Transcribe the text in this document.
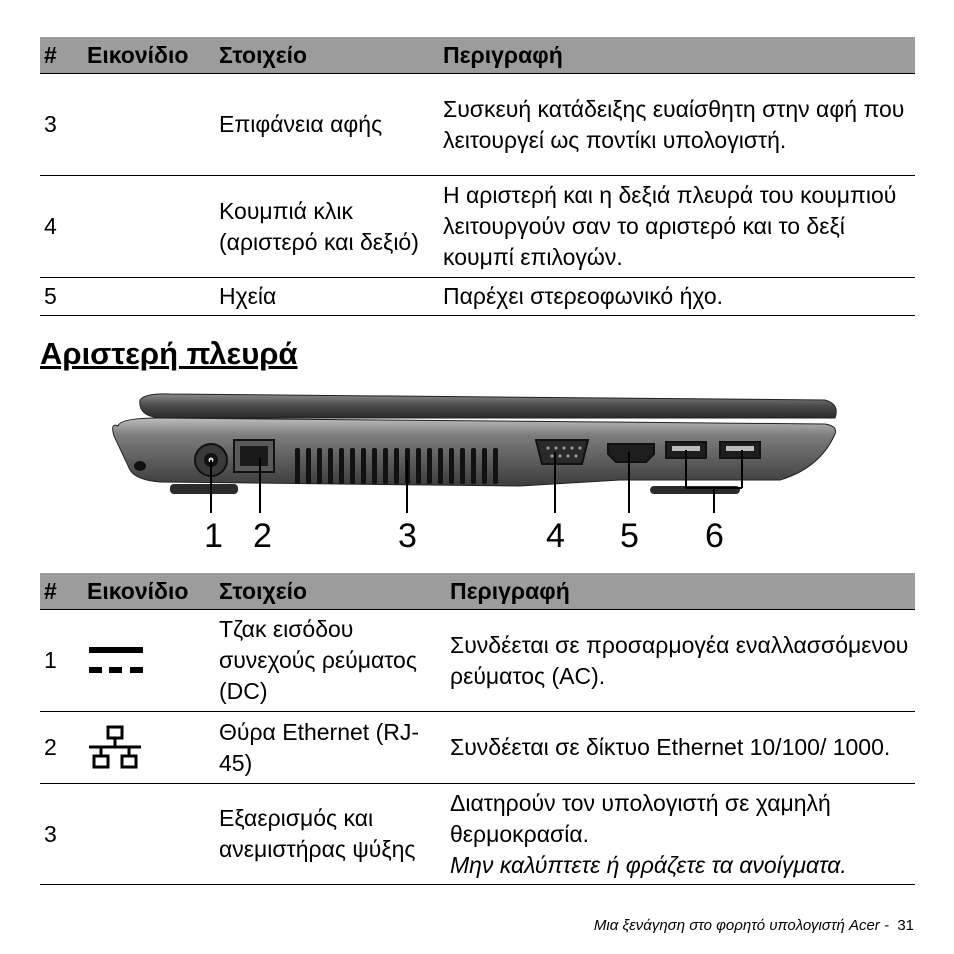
#	Εικονίδιο	Στοιχείο	Περιγραφή
3		Επιφάνεια αφής	Συσκευή κατάδειξης ευαίσθητη στην αφή που λειτουργεί ως ποντίκι υπολογιστή.
4		Κουμπιά κλικ (αριστερό και δεξιό)	Η αριστερή και η δεξιά πλευρά του κουμπιού λειτουργούν σαν το αριστερό και το δεξί κουμπί επιλογών.
5		Ηχεία	Παρέχει στερεοφωνικό ήχο.
Αριστερή πλευρά
1 2	3	4 5 6
#	Εικονίδιο	Στοιχείο	Περιγραφή
1		Τζακ εισόδου συνεχούς ρεύματος (DC)	Συνδέεται σε προσαρμογέα εναλλασσόμενου ρεύματος (AC).
2		Θύρα Ethernet (RJ-45)	Συνδέεται σε δίκτυο Ethernet 10/100/ 1000.
3		Εξαερισμός και ανεμιστήρας ψύξης	Διατηρούν τον υπολογιστή σε χαμηλή θερμοκρασία.
Μην καλύπτετε ή φράζετε τα ανοίγματα.
Μια ξενάγηση στο φορητό υπολογιστή Acer - 31
